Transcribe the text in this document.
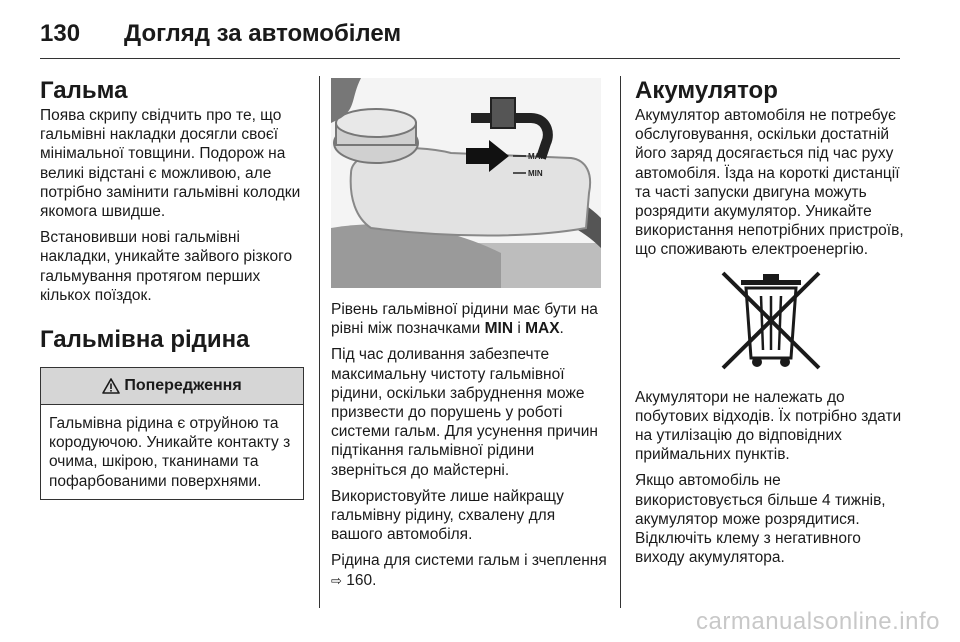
130 Догляд за автомобілем
Гальма

Поява скрипу свідчить про те, що гальмівні накладки досягли своєї мінімальної товщини. Подорож на великі відстані є можливою, але потрібно замінити гальмівні колодки якомога швидше.

Встановивши нові гальмівні накладки, уникайте зайвого різкого гальмування протягом перших кількох поїздок.

Гальмівна рідина
Попередження
Гальмівна рідина є отруйною та кородуючою. Уникайте контакту з очима, шкірою, тканинами та пофарбованими поверхнями.
MAX
MIN

Рівень гальмівної рідини має бути на рівні між позначками MIN і MAX.

Під час доливання забезпечте максимальну чистоту гальмівної рідини, оскільки забруднення може призвести до порушень у роботі системи гальм. Для усунення причин підтікання гальмівної рідини зверніться до майстерні.

Використовуйте лише найкращу гальмівну рідину, схвалену для вашого автомобіля.

Рідина для системи гальм і зчеплення ⇨ 160.

Акумулятор

Акумулятор автомобіля не потребує обслуговування, оскільки достатній його заряд досягається під час руху автомобіля. Їзда на короткі дистанції та часті запуски двигуна можуть розрядити акумулятор. Уникайте використання непотрібних пристроїв, що споживають електроенергію.

Акумулятори не належать до побутових відходів. Їх потрібно здати на утилізацію до відповідних приймальних пунктів.

Якщо автомобіль не використовується більше 4 тижнів, акумулятор може розрядитися. Відключіть клему з негативного виходу акумулятора.

carmanualsonline.info
